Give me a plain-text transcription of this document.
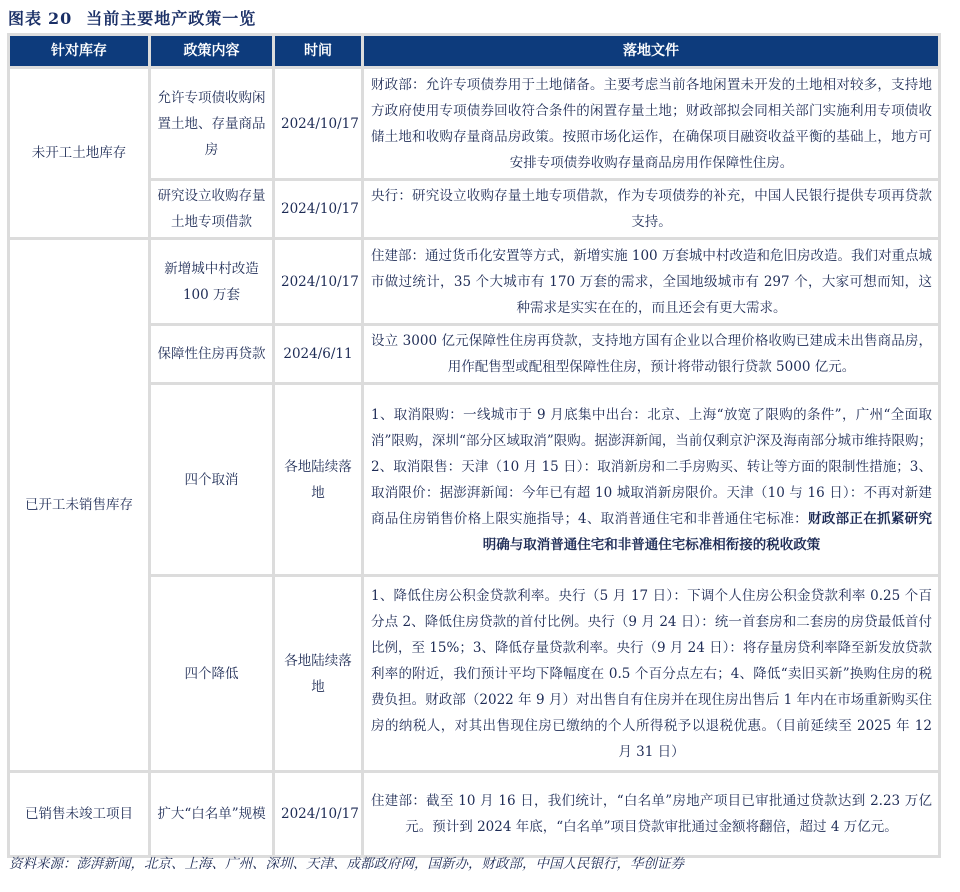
图表 20 当前主要地产政策一览
针对库存	政策内容	时间	落地文件
未开工土地库存	允许专项债收购闲置土地、存量商品房	2024/10/17	财政部：允许专项债券用于土地储备。主要考虑当前各地闲置未开发的土地相对较多，支持地方政府使用专项债券回收符合条件的闲置存量土地；财政部拟会同相关部门实施利用专项债收储土地和收购存量商品房政策。按照市场化运作，在确保项目融资收益平衡的基础上，地方可安排专项债券收购存量商品房用作保障性住房。
	研究设立收购存量土地专项借款	2024/10/17	央行：研究设立收购存量土地专项借款，作为专项债券的补充，中国人民银行提供专项再贷款支持。
已开工未销售库存	新增城中村改造 100 万套	2024/10/17	住建部：通过货币化安置等方式，新增实施 100 万套城中村改造和危旧房改造。我们对重点城市做过统计，35 个大城市有 170 万套的需求，全国地级城市有 297 个，大家可想而知，这种需求是实实在在的，而且还会有更大需求。
	保障性住房再贷款	2024/6/11	设立 3000 亿元保障性住房再贷款，支持地方国有企业以合理价格收购已建成未出售商品房，用作配售型或配租型保障性住房，预计将带动银行贷款 5000 亿元。
	四个取消	各地陆续落地	1、取消限购：一线城市于 9 月底集中出台：北京、上海“放宽了限购的条件”，广州“全面取消”限购，深圳“部分区域取消”限购。据澎湃新闻，当前仅剩京沪深及海南部分城市维持限购；2、取消限售：天津（10 月 15 日）：取消新房和二手房购买、转让等方面的限制性措施；3、取消限价：据澎湃新闻：今年已有超 10 城取消新房限价。天津（10 与 16 日）：不再对新建商品住房销售价格上限实施指导；4、取消普通住宅和非普通住宅标准：财政部正在抓紧研究明确与取消普通住宅和非普通住宅标准相衔接的税收政策
	四个降低	各地陆续落地	1、降低住房公积金贷款利率。央行（5 月 17 日）：下调个人住房公积金贷款利率 0.25 个百分点 2、降低住房贷款的首付比例。央行（9 月 24 日）：统一首套房和二套房的房贷最低首付比例，至 15%；3、降低存量贷款利率。央行（9 月 24 日）：将存量房贷利率降至新发放贷款利率的附近，我们预计平均下降幅度在 0.5 个百分点左右；4、降低“卖旧买新”换购住房的税费负担。财政部（2022 年 9 月）对出售自有住房并在现住房出售后 1 年内在市场重新购买住房的纳税人，对其出售现住房已缴纳的个人所得税予以退税优惠。（目前延续至 2025 年 12 月 31 日）
已销售未竣工项目	扩大“白名单”规模	2024/10/17	住建部：截至 10 月 16 日，我们统计，“白名单”房地产项目已审批通过贷款达到 2.23 万亿元。预计到 2024 年底，“白名单”项目贷款审批通过金额将翻倍，超过 4 万亿元。
资料来源：澎湃新闻，北京、上海、广州、深圳、天津、成都政府网，国新办，财政部，中国人民银行，华创证券
